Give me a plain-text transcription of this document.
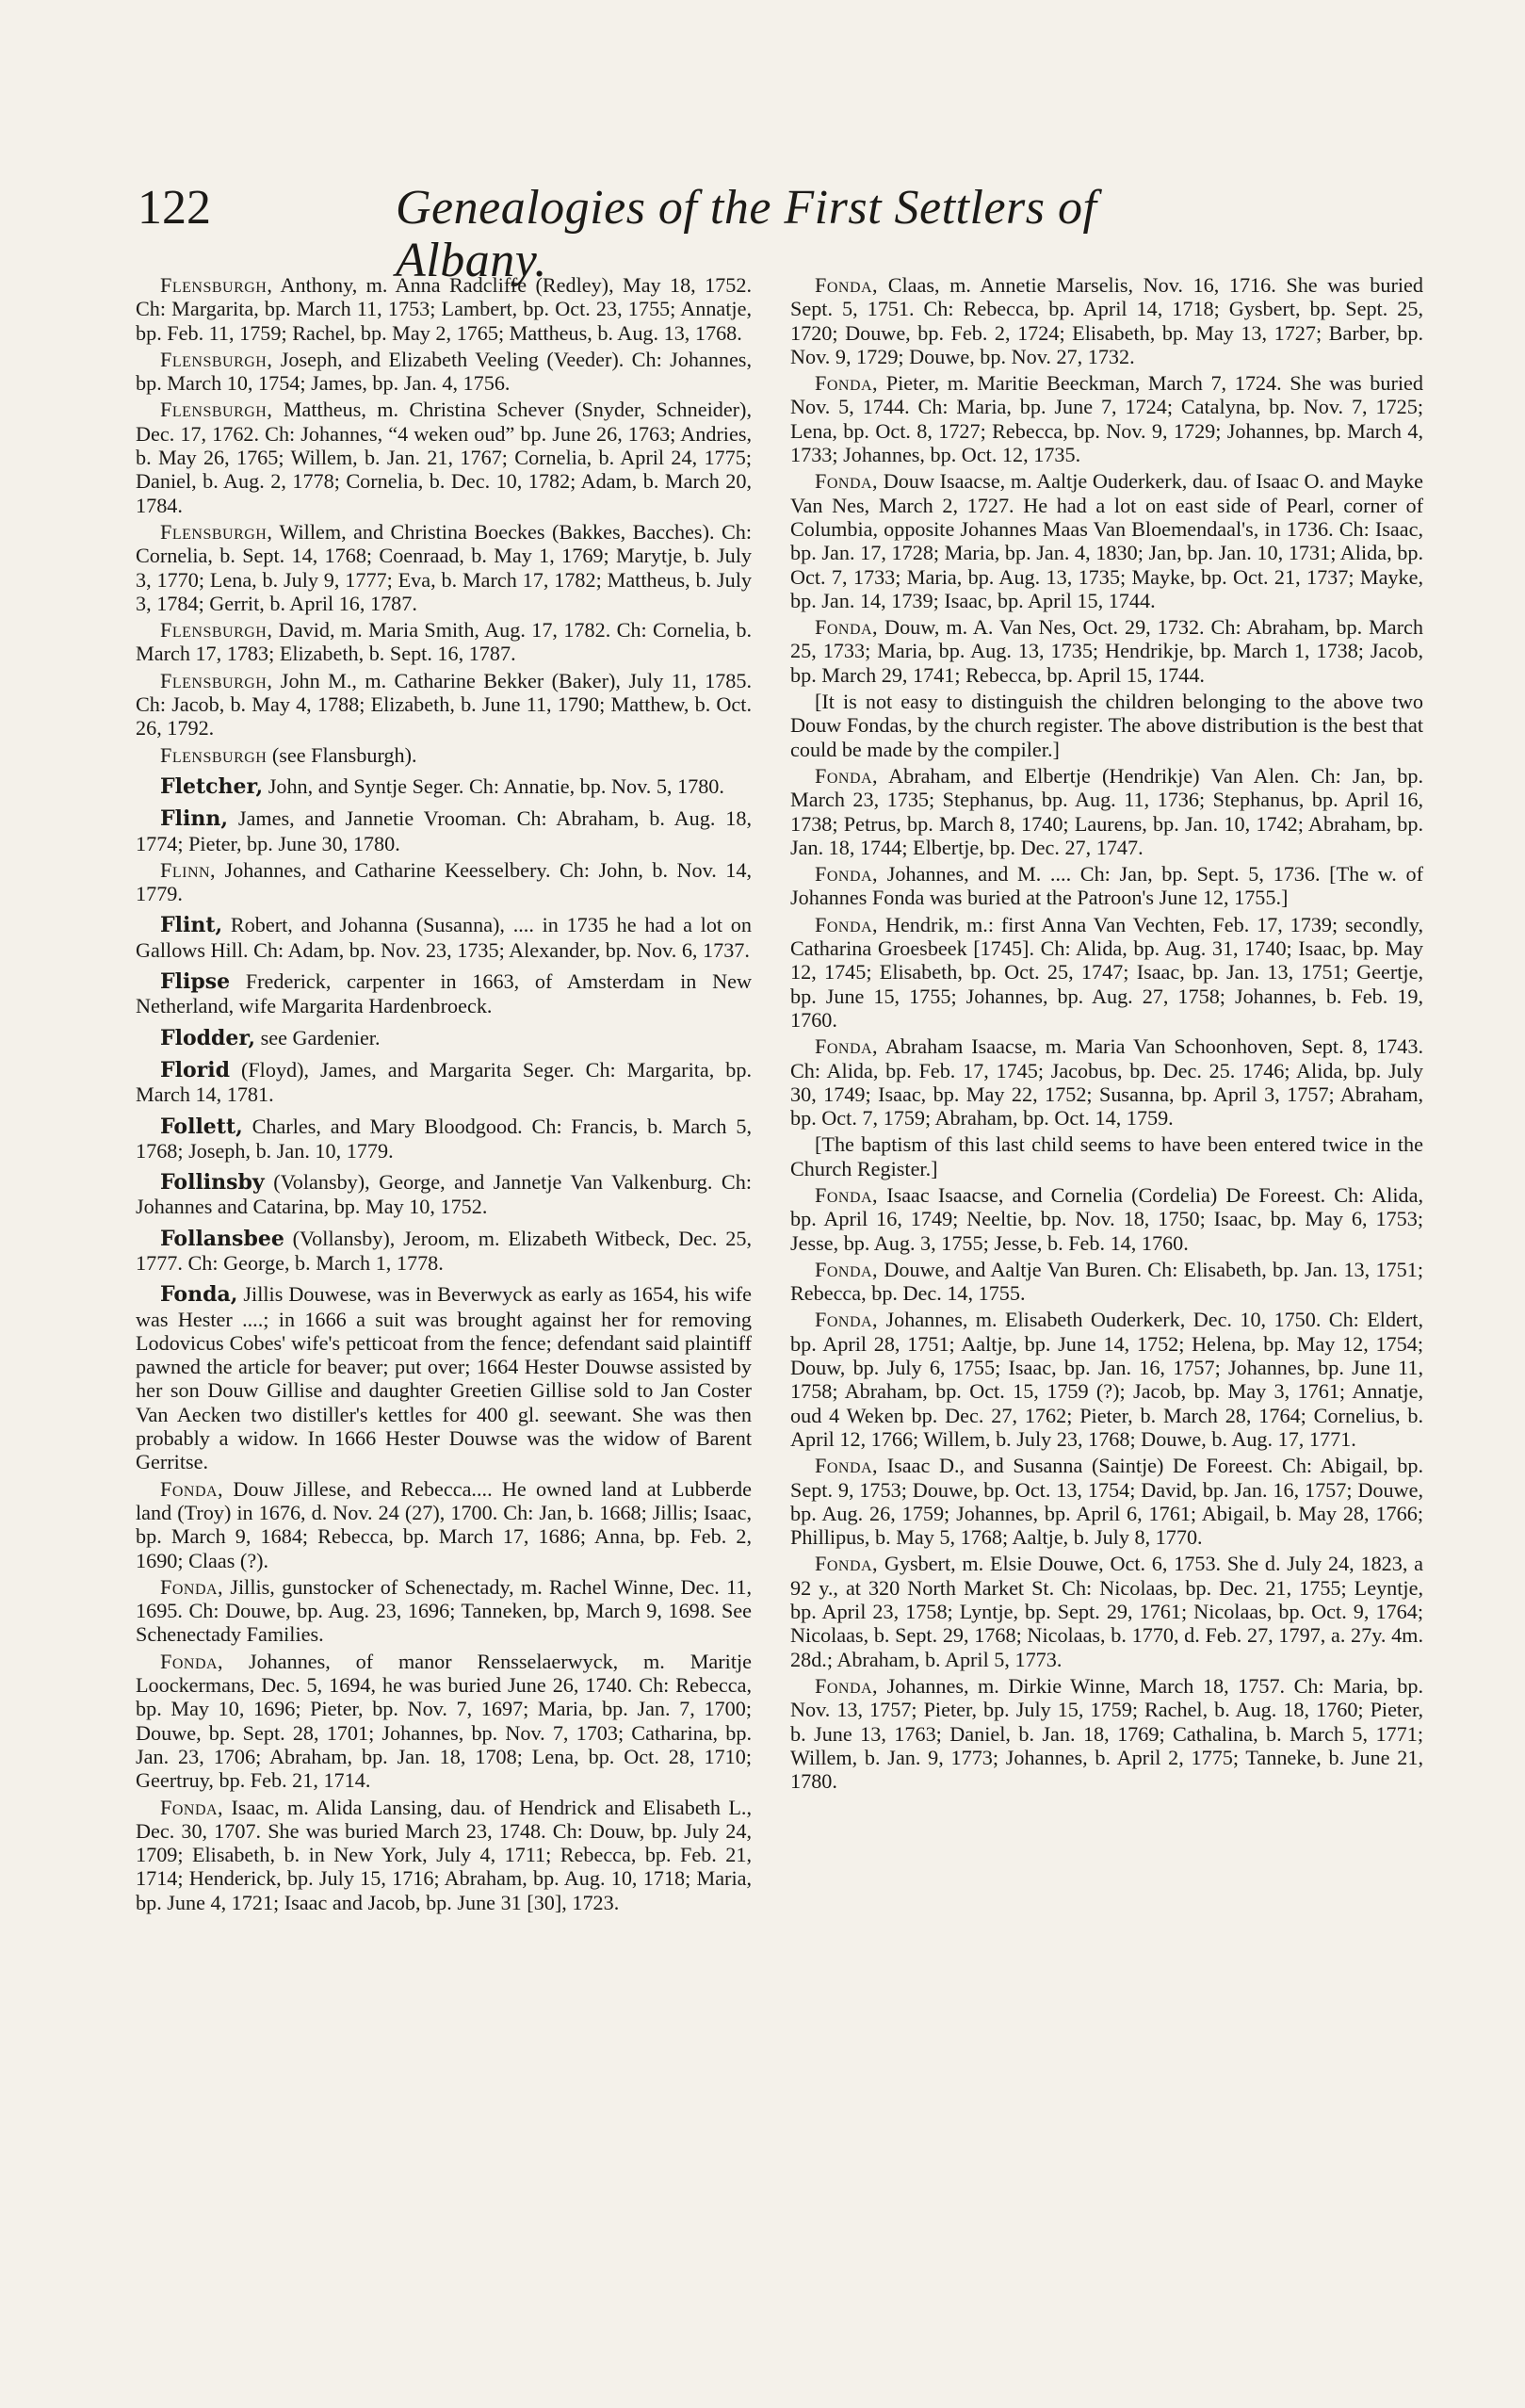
122	Genealogies of the First Settlers of Albany.

Flensburgh, Anthony, m. Anna Radcliffe (Redley), May 18, 1752. Ch: Margarita, bp. March 11, 1753; Lambert, bp. Oct. 23, 1755; Annatje, bp. Feb. 11, 1759; Rachel, bp. May 2, 1765; Mattheus, b. Aug. 13, 1768.

Flensburgh, Joseph, and Elizabeth Veeling (Veeder). Ch: Johannes, bp. March 10, 1754; James, bp. Jan. 4, 1756.

Flensburgh, Mattheus, m. Christina Schever (Snyder, Schneider), Dec. 17, 1762. Ch: Johannes, “4 weken oud” bp. June 26, 1763; Andries, b. May 26, 1765; Willem, b. Jan. 21, 1767; Cornelia, b. April 24, 1775; Daniel, b. Aug. 2, 1778; Cornelia, b. Dec. 10, 1782; Adam, b. March 20, 1784.

Flensburgh, Willem, and Christina Boeckes (Bakkes, Bacches). Ch: Cornelia, b. Sept. 14, 1768; Coenraad, b. May 1, 1769; Marytje, b. July 3, 1770; Lena, b. July 9, 1777; Eva, b. March 17, 1782; Mattheus, b. July 3, 1784; Gerrit, b. April 16, 1787.

Flensburgh, David, m. Maria Smith, Aug. 17, 1782. Ch: Cornelia, b. March 17, 1783; Elizabeth, b. Sept. 16, 1787.

Flensburgh, John M., m. Catharine Bekker (Baker), July 11, 1785. Ch: Jacob, b. May 4, 1788; Elizabeth, b. June 11, 1790; Matthew, b. Oct. 26, 1792.

Flensburgh (see Flansburgh).

Fletcher, John, and Syntje Seger. Ch: Annatie, bp. Nov. 5, 1780.

Flinn, James, and Jannetie Vrooman. Ch: Abraham, b. Aug. 18, 1774; Pieter, bp. June 30, 1780.

Flinn, Johannes, and Catharine Keesselbery. Ch: John, b. Nov. 14, 1779.

Flint, Robert, and Johanna (Susanna), .... in 1735 he had a lot on Gallows Hill. Ch: Adam, bp. Nov. 23, 1735; Alexander, bp. Nov. 6, 1737.

Flipse Frederick, carpenter in 1663, of Amsterdam in New Netherland, wife Margarita Hardenbroeck.

Flodder, see Gardenier.

Florid (Floyd), James, and Margarita Seger. Ch: Margarita, bp. March 14, 1781.

Follett, Charles, and Mary Bloodgood. Ch: Francis, b. March 5, 1768; Joseph, b. Jan. 10, 1779.

Follinsby (Volansby), George, and Jannetje Van Valkenburg. Ch: Johannes and Catarina, bp. May 10, 1752.

Follansbee (Vollansby), Jeroom, m. Elizabeth Witbeck, Dec. 25, 1777. Ch: George, b. March 1, 1778.

Fonda, Jillis Douwese, was in Beverwyck as early as 1654, his wife was Hester ....; in 1666 a suit was brought against her for removing Lodovicus Cobes' wife's petticoat from the fence; defendant said plaintiff pawned the article for beaver; put over; 1664 Hester Douwse assisted by her son Douw Gillise and daughter Greetien Gillise sold to Jan Coster Van Aecken two distiller's kettles for 400 gl. seewant. She was then probably a widow. In 1666 Hester Douwse was the widow of Barent Gerritse.

Fonda, Douw Jillese, and Rebecca.... He owned land at Lubberde land (Troy) in 1676, d. Nov. 24 (27), 1700. Ch: Jan, b. 1668; Jillis; Isaac, bp. March 9, 1684; Rebecca, bp. March 17, 1686; Anna, bp. Feb. 2, 1690; Claas (?).

Fonda, Jillis, gunstocker of Schenectady, m. Rachel Winne, Dec. 11, 1695. Ch: Douwe, bp. Aug. 23, 1696; Tanneken, bp, March 9, 1698. See Schenectady Families.

Fonda, Johannes, of manor Rensselaerwyck, m. Maritje Loockermans, Dec. 5, 1694, he was buried June 26, 1740. Ch: Rebecca, bp. May 10, 1696; Pieter, bp. Nov. 7, 1697; Maria, bp. Jan. 7, 1700; Douwe, bp. Sept. 28, 1701; Johannes, bp. Nov. 7, 1703; Catharina, bp. Jan. 23, 1706; Abraham, bp. Jan. 18, 1708; Lena, bp. Oct. 28, 1710; Geertruy, bp. Feb. 21, 1714.

Fonda, Isaac, m. Alida Lansing, dau. of Hendrick and Elisabeth L., Dec. 30, 1707. She was buried March 23, 1748. Ch: Douw, bp. July 24, 1709; Elisabeth, b. in New York, July 4, 1711; Rebecca, bp. Feb. 21, 1714; Henderick, bp. July 15, 1716; Abraham, bp. Aug. 10, 1718; Maria, bp. June 4, 1721; Isaac and Jacob, bp. June 31 [30], 1723.

Fonda, Claas, m. Annetie Marselis, Nov. 16, 1716. She was buried Sept. 5, 1751. Ch: Rebecca, bp. April 14, 1718; Gysbert, bp. Sept. 25, 1720; Douwe, bp. Feb. 2, 1724; Elisabeth, bp. May 13, 1727; Barber, bp. Nov. 9, 1729; Douwe, bp. Nov. 27, 1732.

Fonda, Pieter, m. Maritie Beeckman, March 7, 1724. She was buried Nov. 5, 1744. Ch: Maria, bp. June 7, 1724; Catalyna, bp. Nov. 7, 1725; Lena, bp. Oct. 8, 1727; Rebecca, bp. Nov. 9, 1729; Johannes, bp. March 4, 1733; Johannes, bp. Oct. 12, 1735.

Fonda, Douw Isaacse, m. Aaltje Ouderkerk, dau. of Isaac O. and Mayke Van Nes, March 2, 1727. He had a lot on east side of Pearl, corner of Columbia, opposite Johannes Maas Van Bloemendaal's, in 1736. Ch: Isaac, bp. Jan. 17, 1728; Maria, bp. Jan. 4, 1830; Jan, bp. Jan. 10, 1731; Alida, bp. Oct. 7, 1733; Maria, bp. Aug. 13, 1735; Mayke, bp. Oct. 21, 1737; Mayke, bp. Jan. 14, 1739; Isaac, bp. April 15, 1744.

Fonda, Douw, m. A. Van Nes, Oct. 29, 1732. Ch: Abraham, bp. March 25, 1733; Maria, bp. Aug. 13, 1735; Hendrikje, bp. March 1, 1738; Jacob, bp. March 29, 1741; Rebecca, bp. April 15, 1744.

[It is not easy to distinguish the children belonging to the above two Douw Fondas, by the church register. The above distribution is the best that could be made by the compiler.]

Fonda, Abraham, and Elbertje (Hendrikje) Van Alen. Ch: Jan, bp. March 23, 1735; Stephanus, bp. Aug. 11, 1736; Stephanus, bp. April 16, 1738; Petrus, bp. March 8, 1740; Laurens, bp. Jan. 10, 1742; Abraham, bp. Jan. 18, 1744; Elbertje, bp. Dec. 27, 1747.

Fonda, Johannes, and M. .... Ch: Jan, bp. Sept. 5, 1736. [The w. of Johannes Fonda was buried at the Patroon's June 12, 1755.]

Fonda, Hendrik, m.: first Anna Van Vechten, Feb. 17, 1739; secondly, Catharina Groesbeek [1745]. Ch: Alida, bp. Aug. 31, 1740; Isaac, bp. May 12, 1745; Elisabeth, bp. Oct. 25, 1747; Isaac, bp. Jan. 13, 1751; Geertje, bp. June 15, 1755; Johannes, bp. Aug. 27, 1758; Johannes, b. Feb. 19, 1760.

Fonda, Abraham Isaacse, m. Maria Van Schoonhoven, Sept. 8, 1743. Ch: Alida, bp. Feb. 17, 1745; Jacobus, bp. Dec. 25. 1746; Alida, bp. July 30, 1749; Isaac, bp. May 22, 1752; Susanna, bp. April 3, 1757; Abraham, bp. Oct. 7, 1759; Abraham, bp. Oct. 14, 1759.

[The baptism of this last child seems to have been entered twice in the Church Register.]

Fonda, Isaac Isaacse, and Cornelia (Cordelia) De Foreest. Ch: Alida, bp. April 16, 1749; Neeltie, bp. Nov. 18, 1750; Isaac, bp. May 6, 1753; Jesse, bp. Aug. 3, 1755; Jesse, b. Feb. 14, 1760.

Fonda, Douwe, and Aaltje Van Buren. Ch: Elisabeth, bp. Jan. 13, 1751; Rebecca, bp. Dec. 14, 1755.

Fonda, Johannes, m. Elisabeth Ouderkerk, Dec. 10, 1750. Ch: Eldert, bp. April 28, 1751; Aaltje, bp. June 14, 1752; Helena, bp. May 12, 1754; Douw, bp. July 6, 1755; Isaac, bp. Jan. 16, 1757; Johannes, bp. June 11, 1758; Abraham, bp. Oct. 15, 1759 (?); Jacob, bp. May 3, 1761; Annatje, oud 4 Weken bp. Dec. 27, 1762; Pieter, b. March 28, 1764; Cornelius, b. April 12, 1766; Willem, b. July 23, 1768; Douwe, b. Aug. 17, 1771.

Fonda, Isaac D., and Susanna (Saintje) De Foreest. Ch: Abigail, bp. Sept. 9, 1753; Douwe, bp. Oct. 13, 1754; David, bp. Jan. 16, 1757; Douwe, bp. Aug. 26, 1759; Johannes, bp. April 6, 1761; Abigail, b. May 28, 1766; Phillipus, b. May 5, 1768; Aaltje, b. July 8, 1770.

Fonda, Gysbert, m. Elsie Douwe, Oct. 6, 1753. She d. July 24, 1823, a 92 y., at 320 North Market St. Ch: Nicolaas, bp. Dec. 21, 1755; Leyntje, bp. April 23, 1758; Lyntje, bp. Sept. 29, 1761; Nicolaas, bp. Oct. 9, 1764; Nicolaas, b. Sept. 29, 1768; Nicolaas, b. 1770, d. Feb. 27, 1797, a. 27y. 4m. 28d.; Abraham, b. April 5, 1773.

Fonda, Johannes, m. Dirkie Winne, March 18, 1757. Ch: Maria, bp. Nov. 13, 1757; Pieter, bp. July 15, 1759; Rachel, b. Aug. 18, 1760; Pieter, b. June 13, 1763; Daniel, b. Jan. 18, 1769; Cathalina, b. March 5, 1771; Willem, b. Jan. 9, 1773; Johannes, b. April 2, 1775; Tanneke, b. June 21, 1780.
